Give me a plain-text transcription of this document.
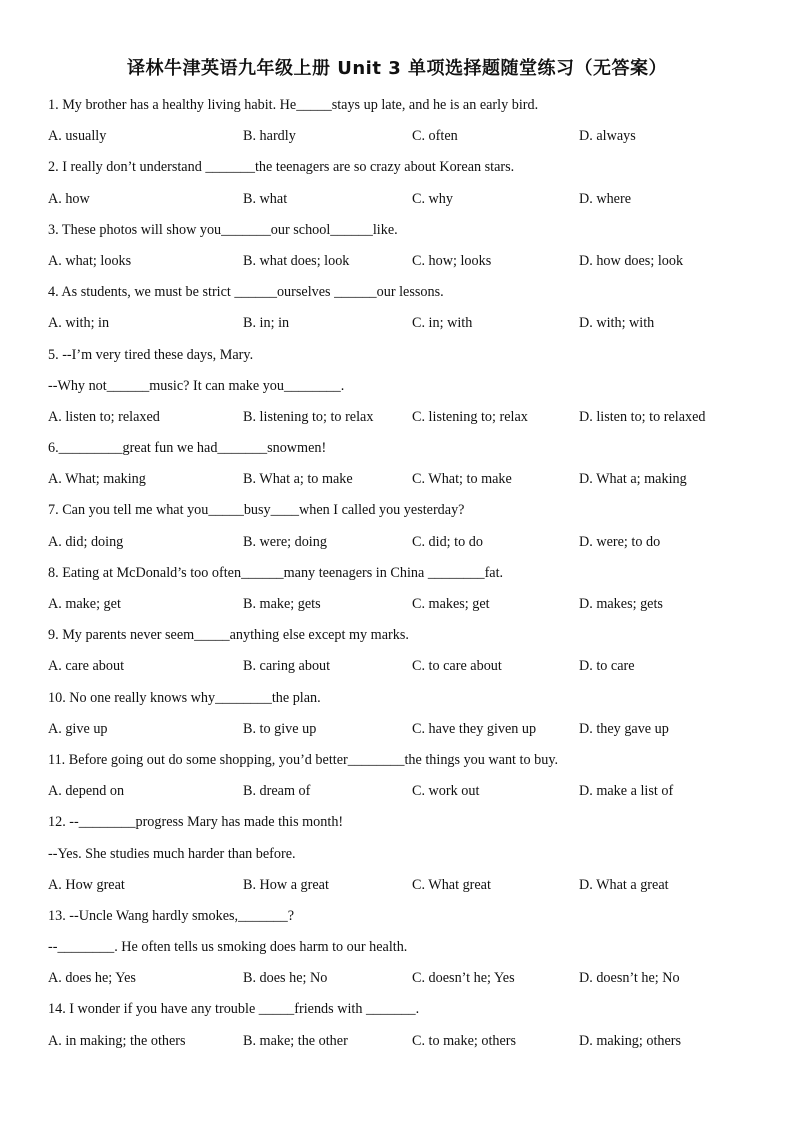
译林牛津英语九年级上册 Unit 3 单项选择题随堂练习（无答案）
1. My brother has a healthy living habit. He_____stays up late, and he is an early bird.
A. usually	B. hardly	C. often	D. always
2. I really don’t understand _______the teenagers are so crazy about Korean stars.
A. how	B. what	C. why	D. where
3. These photos will show you_______our school______like.
A. what; looks	B. what does; look	C. how; looks	D. how does; look
4. As students, we must be strict ______ourselves ______our lessons.
A. with; in	B. in; in	C. in; with	D. with; with
5. --I’m very tired these days, Mary.
--Why not______music? It can make you________.
A. listen to; relaxed	B. listening to; to relax	C. listening to; relax	D. listen to; to relaxed
6._________great fun we had_______snowmen!
A. What; making	B. What a; to make	C. What; to make	D. What a; making
7. Can you tell me what you_____busy____when I called you yesterday?
A. did; doing	B. were; doing	C. did; to do	D. were; to do
8. Eating at McDonald’s too often______many teenagers in China ________fat.
A. make; get	B. make; gets	C. makes; get	D. makes; gets
9. My parents never seem_____anything else except my marks.
A. care about	B. caring about	C. to care about	D. to care
10. No one really knows why________the plan.
A. give up	B. to give up	C. have they given up	D. they gave up
11. Before going out do some shopping, you’d better________the things you want to buy.
A. depend on	B. dream of	C. work out	D. make a list of
12. --________progress Mary has made this month!
--Yes. She studies much harder than before.
A. How great	B. How a great	C. What great	D. What a great
13. --Uncle Wang hardly smokes,_______?
--________. He often tells us smoking does harm to our health.
A. does he; Yes	B. does he; No	C. doesn’t he; Yes	D. doesn’t he; No
14. I wonder if you have any trouble _____friends with _______.
A. in making; the others	B. make; the other	C. to make; others	D. making; others
